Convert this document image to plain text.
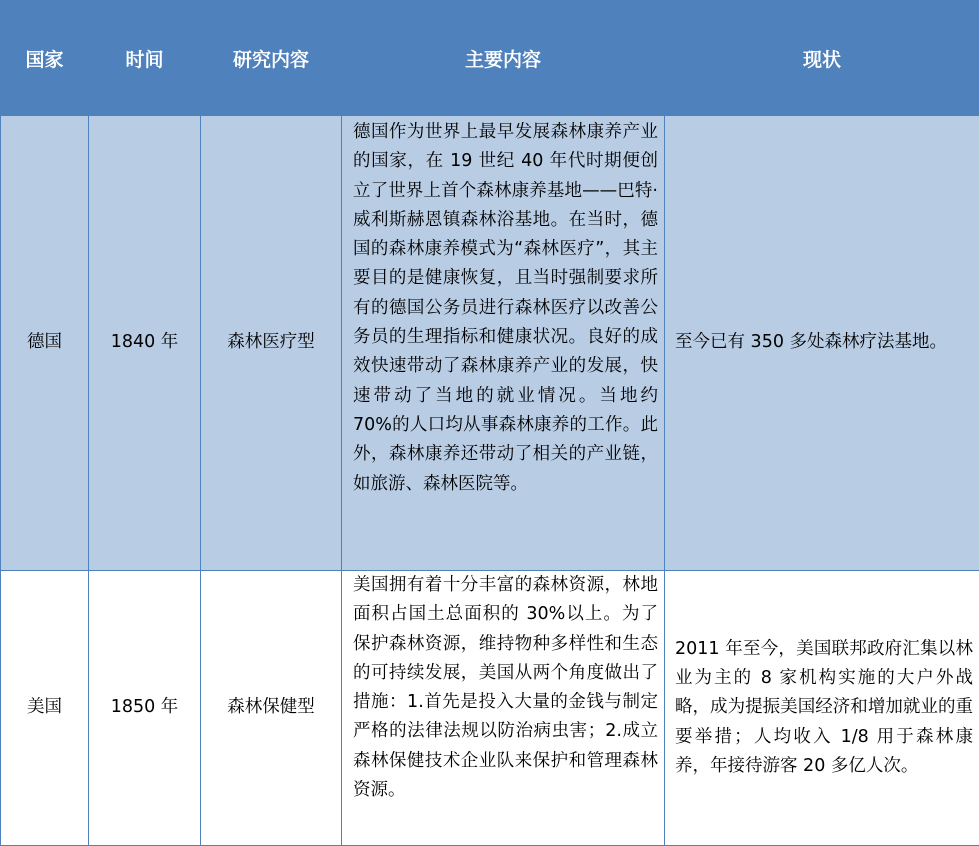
国家	时间	研究内容	主要内容	现状
德国	1840 年	森林医疗型	德国作为世界上最早发展森林康养产业的国家，在 19 世纪 40 年代时期便创立了世界上首个森林康养基地——巴特·威利斯赫恩镇森林浴基地。在当时，德国的森林康养模式为“森林医疗”，其主要目的是健康恢复，且当时强制要求所有的德国公务员进行森林医疗以改善公务员的生理指标和健康状况。良好的成效快速带动了森林康养产业的发展，快速带动了当地的就业情况。当地约 70%的人口均从事森林康养的工作。此外，森林康养还带动了相关的产业链，如旅游、森林医院等。	至今已有 350 多处森林疗法基地。
美国	1850 年	森林保健型	美国拥有着十分丰富的森林资源，林地面积占国土总面积的 30%以上。为了保护森林资源，维持物种多样性和生态的可持续发展，美国从两个角度做出了措施：1.首先是投入大量的金钱与制定严格的法律法规以防治病虫害；2.成立森林保健技术企业队来保护和管理森林资源。	2011 年至今，美国联邦政府汇集以林业为主的 8 家机构实施的大户外战略，成为提振美国经济和增加就业的重要举措；人均收入 1/8 用于森林康养，年接待游客 20 多亿人次。
